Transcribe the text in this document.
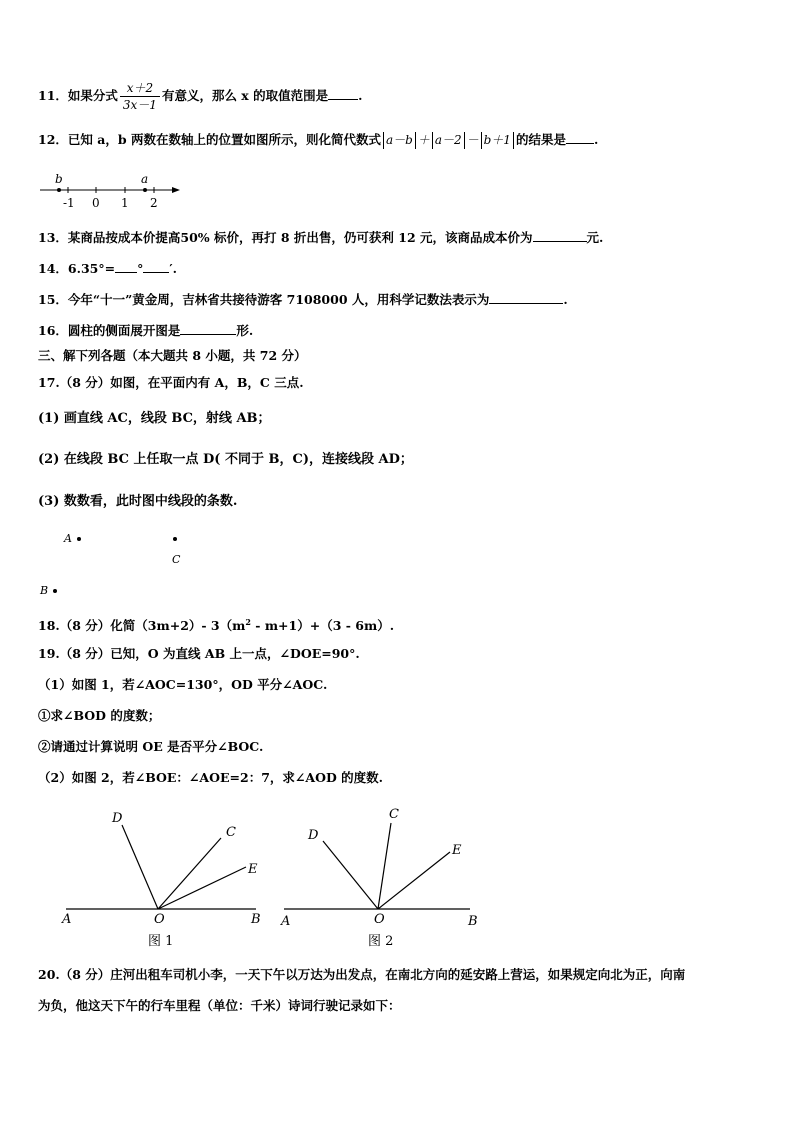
11．如果分式 $\frac{x+2}{3x-1}$ 有意义，那么 x 的取值范围是 .
12．已知 a，b 两数在数轴上的位置如图所示，则化简代数式 a－b ＋ a－2 － b＋1 的结果是 .
b	a
-1 0 1 2
13．某商品按成本价提高50% 标价，再打 8 折出售，仍可获利 12 元，该商品成本价为	元.
14．6.35°= ° ′.
15．今年“十一”黄金周，吉林省共接待游客 7108000 人，用科学记数法表示为	.
16．圆柱的侧面展开图是	形.
三、解下列各题（本大题共 8 小题，共 72 分）
17.（8 分）如图，在平面内有 A，B，C 三点.
(1) 画直线 AC，线段 BC，射线 AB；
(2) 在线段 BC 上任取一点 D( 不同于 B，C)，连接线段 AD；
(3) 数数看，此时图中线段的条数.
A
C
B
18.（8 分）化简（3m+2）- $3(m^2 - m+1)+(3 - 6m)$.
19.（8 分）已知，O 为直线 AB 上一点，∠DOE=90°.
（1）如图 1，若∠AOC=130°，OD 平分∠AOC.
①求∠BOD 的度数；
②请通过计算说明 OE 是否平分∠BOC.
（2）如图 2，若∠BOE：∠AOE=2：7，求∠AOD 的度数.
D
C
E
A	O	B
图 1
D
C
E
A	O	B
图 2
20.（8 分）庄河出租车司机小李，一天下午以万达为出发点，在南北方向的延安路上营运，如果规定向北为正，向南
为负，他这天下午的行车里程（单位：千米）诗词行驶记录如下：
